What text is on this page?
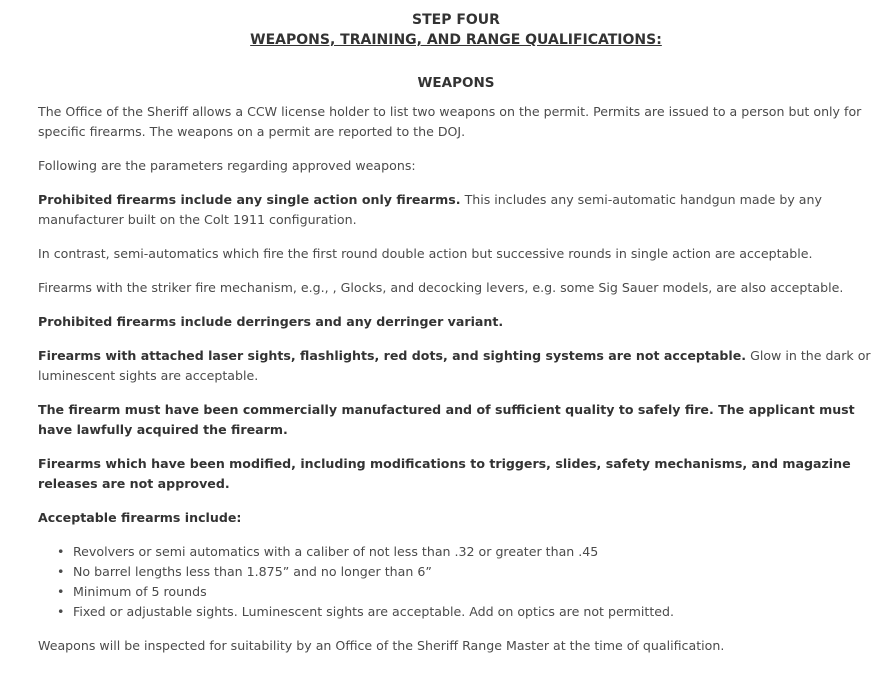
STEP FOUR
WEAPONS, TRAINING, AND RANGE QUALIFICATIONS:
WEAPONS

The Office of the Sheriff allows a CCW license holder to list two weapons on the permit. Permits are issued to a person but only for specific firearms. The weapons on a permit are reported to the DOJ.

Following are the parameters regarding approved weapons:

Prohibited firearms include any single action only firearms. This includes any semi-automatic handgun made by any manufacturer built on the Colt 1911 configuration.

In contrast, semi-automatics which fire the first round double action but successive rounds in single action are acceptable.

Firearms with the striker fire mechanism, e.g., , Glocks, and decocking levers, e.g. some Sig Sauer models, are also acceptable.

Prohibited firearms include derringers and any derringer variant.

Firearms with attached laser sights, flashlights, red dots, and sighting systems are not acceptable. Glow in the dark or luminescent sights are acceptable.

The firearm must have been commercially manufactured and of sufficient quality to safely fire. The applicant must have lawfully acquired the firearm.

Firearms which have been modified, including modifications to triggers, slides, safety mechanisms, and magazine releases are not approved.

Acceptable firearms include:

• Revolvers or semi automatics with a caliber of not less than .32 or greater than .45
• No barrel lengths less than 1.875” and no longer than 6”
• Minimum of 5 rounds
• Fixed or adjustable sights. Luminescent sights are acceptable. Add on optics are not permitted.

Weapons will be inspected for suitability by an Office of the Sheriff Range Master at the time of qualification.
